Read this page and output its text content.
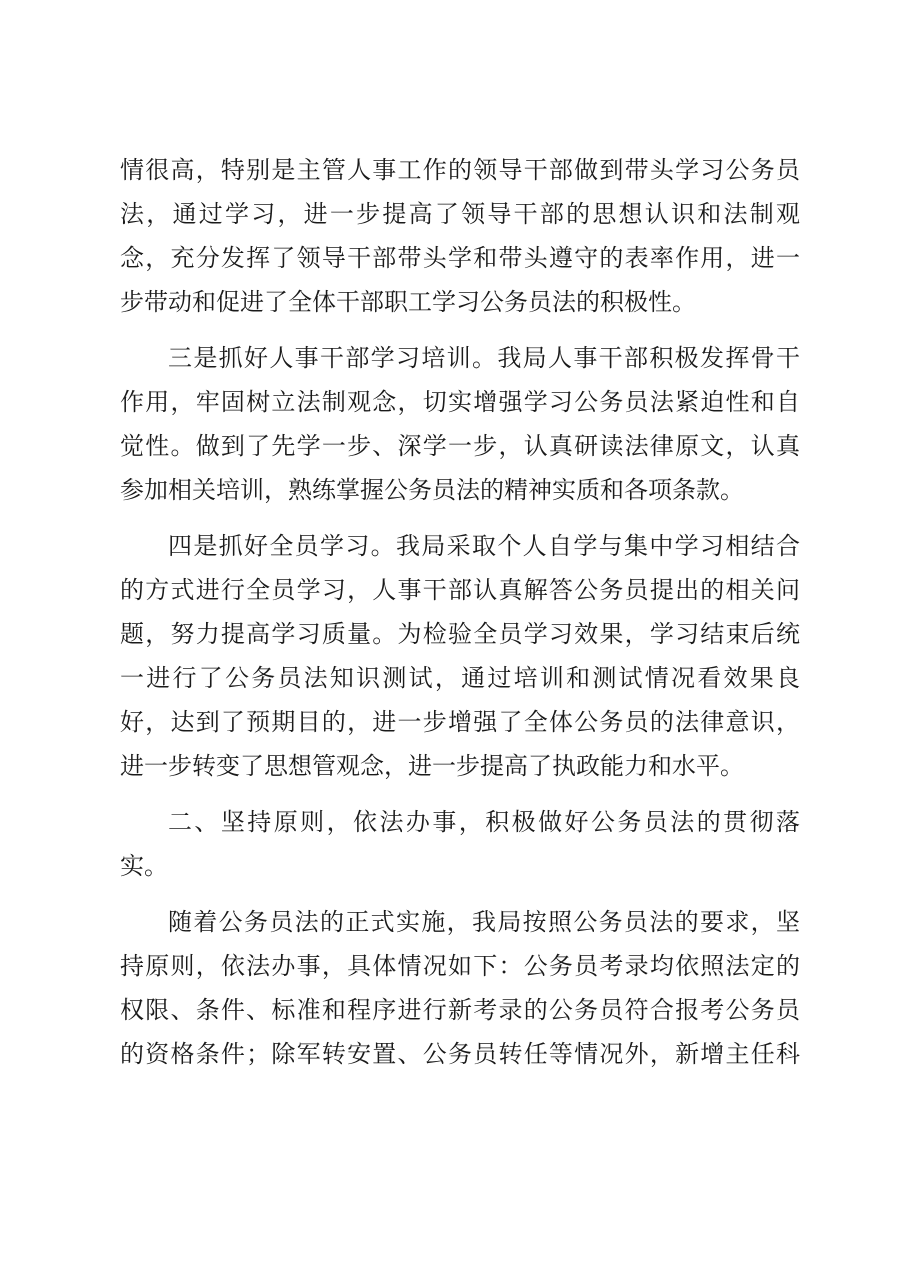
情很高，特别是主管人事工作的领导干部做到带头学习公务员
法，通过学习，进一步提高了领导干部的思想认识和法制观
念，充分发挥了领导干部带头学和带头遵守的表率作用，进一
步带动和促进了全体干部职工学习公务员法的积极性。
三是抓好人事干部学习培训。我局人事干部积极发挥骨干
作用，牢固树立法制观念，切实增强学习公务员法紧迫性和自
觉性。做到了先学一步、深学一步，认真研读法律原文，认真
参加相关培训，熟练掌握公务员法的精神实质和各项条款。
四是抓好全员学习。我局采取个人自学与集中学习相结合
的方式进行全员学习，人事干部认真解答公务员提出的相关问
题，努力提高学习质量。为检验全员学习效果，学习结束后统
一进行了公务员法知识测试，通过培训和测试情况看效果良
好，达到了预期目的，进一步增强了全体公务员的法律意识，
进一步转变了思想管观念，进一步提高了执政能力和水平。
二、坚持原则，依法办事，积极做好公务员法的贯彻落
实。
随着公务员法的正式实施，我局按照公务员法的要求，坚
持原则，依法办事，具体情况如下：公务员考录均依照法定的
权限、条件、标准和程序进行新考录的公务员符合报考公务员
的资格条件；除军转安置、公务员转任等情况外，新增主任科
